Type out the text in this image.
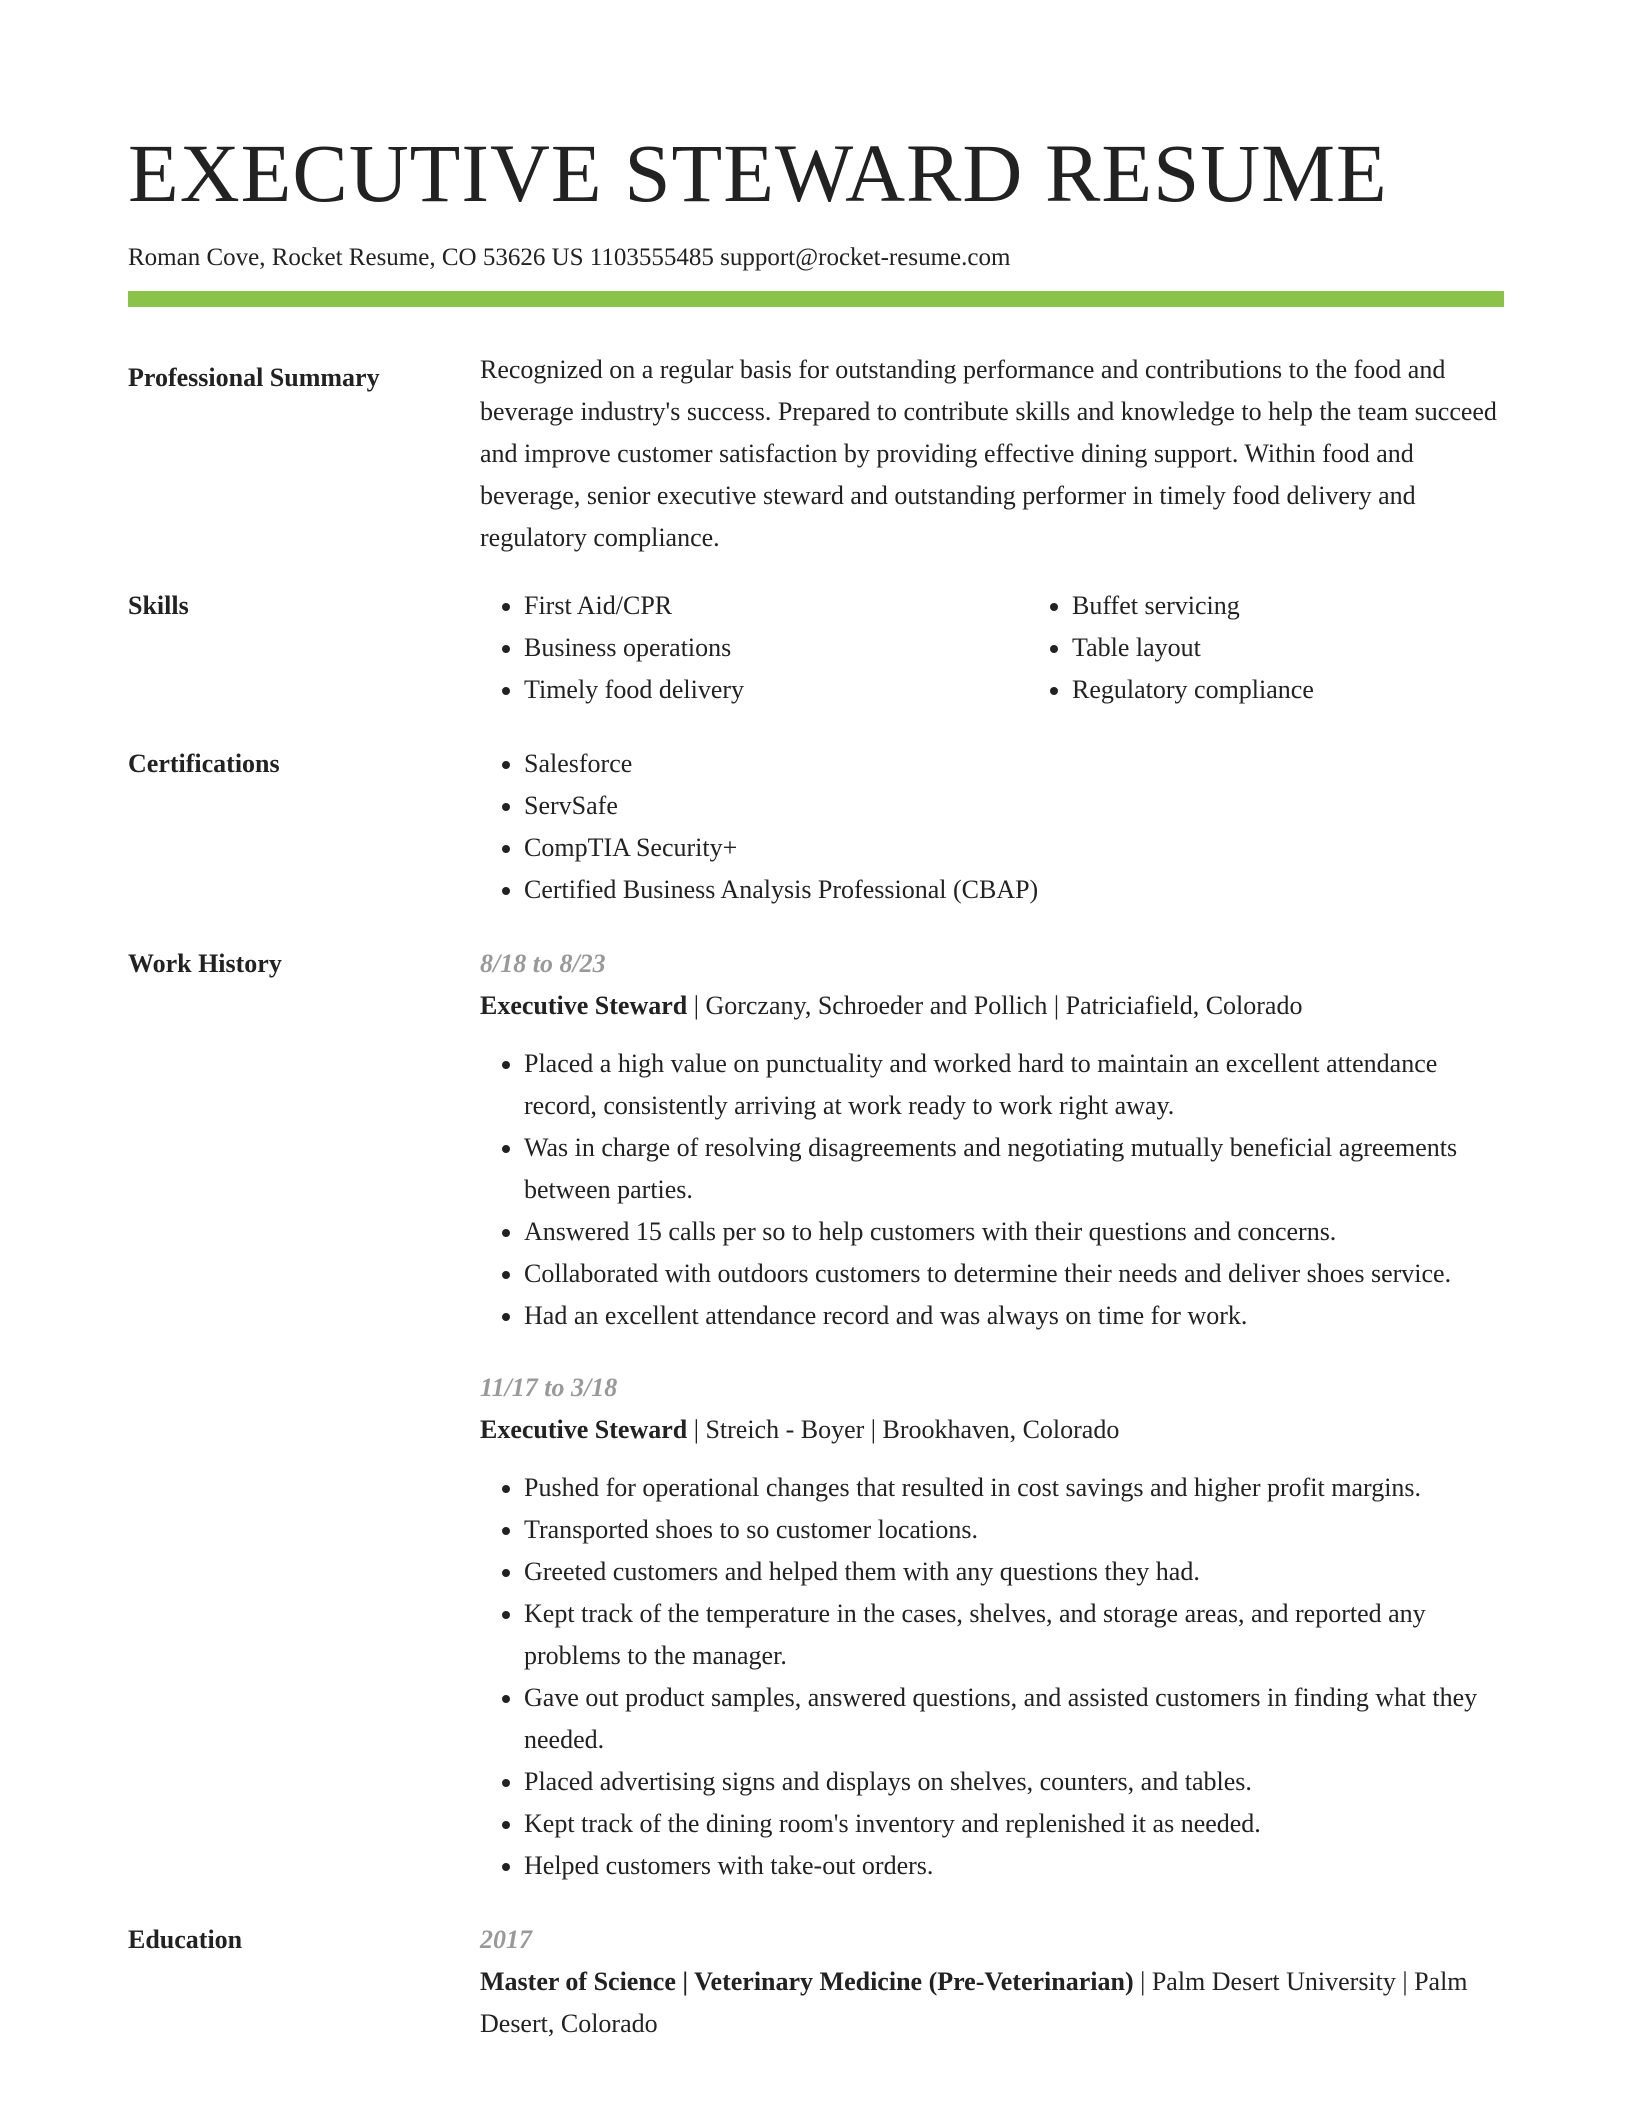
EXECUTIVE STEWARD RESUME
Roman Cove, Rocket Resume, CO 53626 US 1103555485 support@rocket-resume.com
Professional Summary	Recognized on a regular basis for outstanding performance and contributions to the food and beverage industry's success. Prepared to contribute skills and knowledge to help the team succeed and improve customer satisfaction by providing effective dining support. Within food and beverage, senior executive steward and outstanding performer in timely food delivery and regulatory compliance.

Skills	• First Aid/CPR
• Business operations
• Timely food delivery
• Buffet servicing
• Table layout
• Regulatory compliance
Certifications	• Salesforce
• ServSafe
• CompTIA Security+
• Certified Business Analysis Professional (CBAP)
Work History	8/18 to 8/23
Executive Steward | Gorczany, Schroeder and Pollich | Patriciafield, Colorado
• Placed a high value on punctuality and worked hard to maintain an excellent attendance record, consistently arriving at work ready to work right away.
• Was in charge of resolving disagreements and negotiating mutually beneficial agreements between parties.
• Answered 15 calls per so to help customers with their questions and concerns.
• Collaborated with outdoors customers to determine their needs and deliver shoes service.
• Had an excellent attendance record and was always on time for work.
11/17 to 3/18
Executive Steward | Streich - Boyer | Brookhaven, Colorado
• Pushed for operational changes that resulted in cost savings and higher profit margins.
• Transported shoes to so customer locations.
• Greeted customers and helped them with any questions they had.
• Kept track of the temperature in the cases, shelves, and storage areas, and reported any problems to the manager.
• Gave out product samples, answered questions, and assisted customers in finding what they needed.
• Placed advertising signs and displays on shelves, counters, and tables.
• Kept track of the dining room's inventory and replenished it as needed.
• Helped customers with take-out orders.
Education	2017
Master of Science | Veterinary Medicine (Pre-Veterinarian) | Palm Desert University | Palm Desert, Colorado
